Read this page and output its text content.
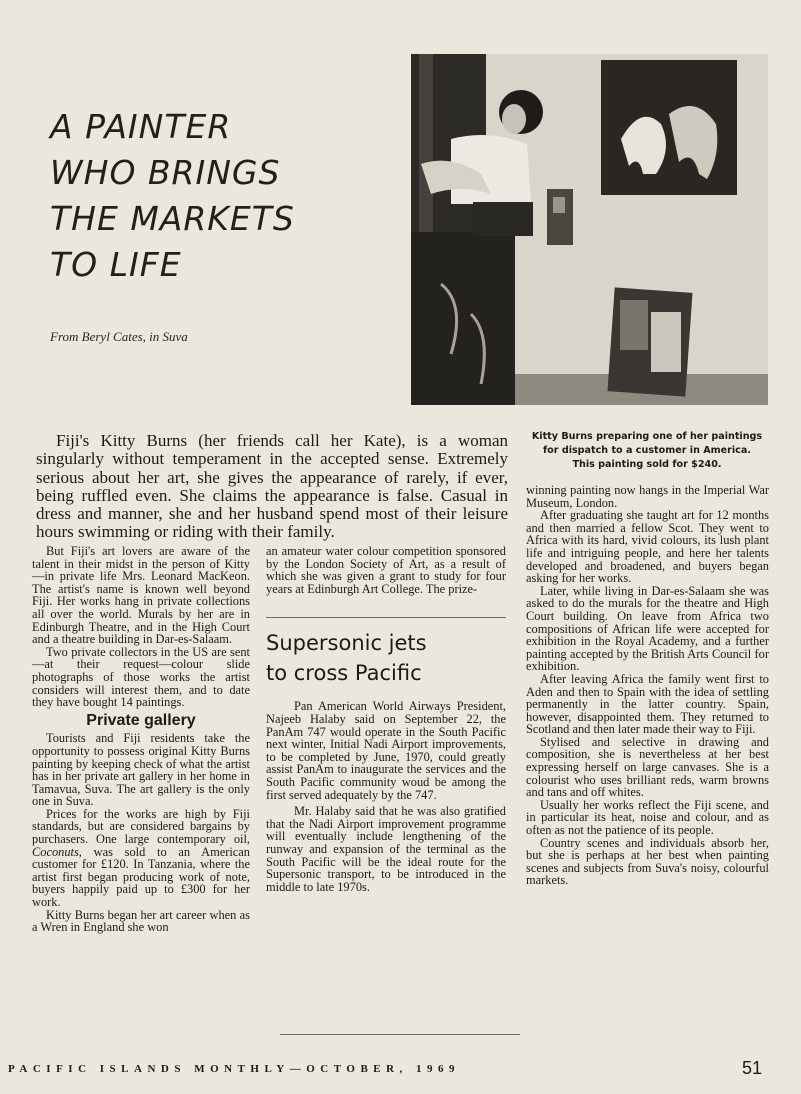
A PAINTER
WHO BRINGS
THE MARKETS
TO LIFE
From Beryl Cates, in Suva
Kitty Burns preparing one of her paintings
for dispatch to a customer in America.
This painting sold for $240.

Fiji's Kitty Burns (her friends call her Kate), is a woman singularly without temperament in the accepted sense. Extremely serious about her art, she gives the appearance of rarely, if ever, being ruffled even. She claims the appearance is false. Casual in dress and manner, she and her husband spend most of their leisure hours swimming or riding with their family.

But Fiji's art lovers are aware of the talent in their midst in the person of Kitty—in private life Mrs. Leonard MacKeon. The artist's name is known well beyond Fiji. Her works hang in private collections all over the world. Murals by her are in Edinburgh Theatre, and in the High Court and a theatre building in Dar-es-Salaam.

Two private collectors in the US are sent—at their request—colour slide photographs of those works the artist considers will interest them, and to date they have bought 14 paintings.

Private gallery

Tourists and Fiji residents take the opportunity to possess original Kitty Burns painting by keeping check of what the artist has in her private art gallery in her home in Tamavua, Suva. The art gallery is the only one in Suva.

Prices for the works are high by Fiji standards, but are considered bargains by purchasers. One large contemporary oil, Coconuts, was sold to an American customer for £120. In Tanzania, where the artist first began producing work of note, buyers happily paid up to £300 for her work.

Kitty Burns began her art career when as a Wren in England she won

an amateur water colour competition sponsored by the London Society of Art, as a result of which she was given a grant to study for four years at Edinburgh Art College. The prize-

Supersonic jets
to cross Pacific

Pan American World Airways President, Najeeb Halaby said on September 22, the PanAm 747 would operate in the South Pacific next winter, Initial Nadi Airport improvements, to be completed by June, 1970, could greatly assist PanAm to inaugurate the services and the South Pacific community woud be among the first served adequately by the 747.

Mr. Halaby said that he was also gratified that the Nadi Airport improvement programme will eventually include lengthening of the runway and expansion of the terminal as the South Pacific will be the ideal route for the Supersonic transport, to be introduced in the middle to late 1970s.

winning painting now hangs in the Imperial War Museum, London.

After graduating she taught art for 12 months and then married a fellow Scot. They went to Africa with its hard, vivid colours, its lush plant life and intriguing people, and here her talents developed and broadened, and buyers began asking for her works.

Later, while living in Dar-es-Salaam she was asked to do the murals for the theatre and High Court building. On leave from Africa two compositions of African life were accepted for exhibition in the Royal Academy, and a further painting accepted by the British Arts Council for exhibition.

After leaving Africa the family went first to Aden and then to Spain with the idea of settling permanently in the latter country. Spain, however, disappointed them. They returned to Scotland and then later made their way to Fiji.

Stylised and selective in drawing and composition, she is nevertheless at her best expressing herself on large canvases. She is a colourist who uses brilliant reds, warm browns and tans and off whites.

Usually her works reflect the Fiji scene, and in particular its heat, noise and colour, and as often as not the patience of its people.

Country scenes and individuals absorb her, but she is perhaps at her best when painting scenes and subjects from Suva's noisy, colourful markets.

PACIFIC ISLANDS MONTHLY—OCTOBER, 1969	51
